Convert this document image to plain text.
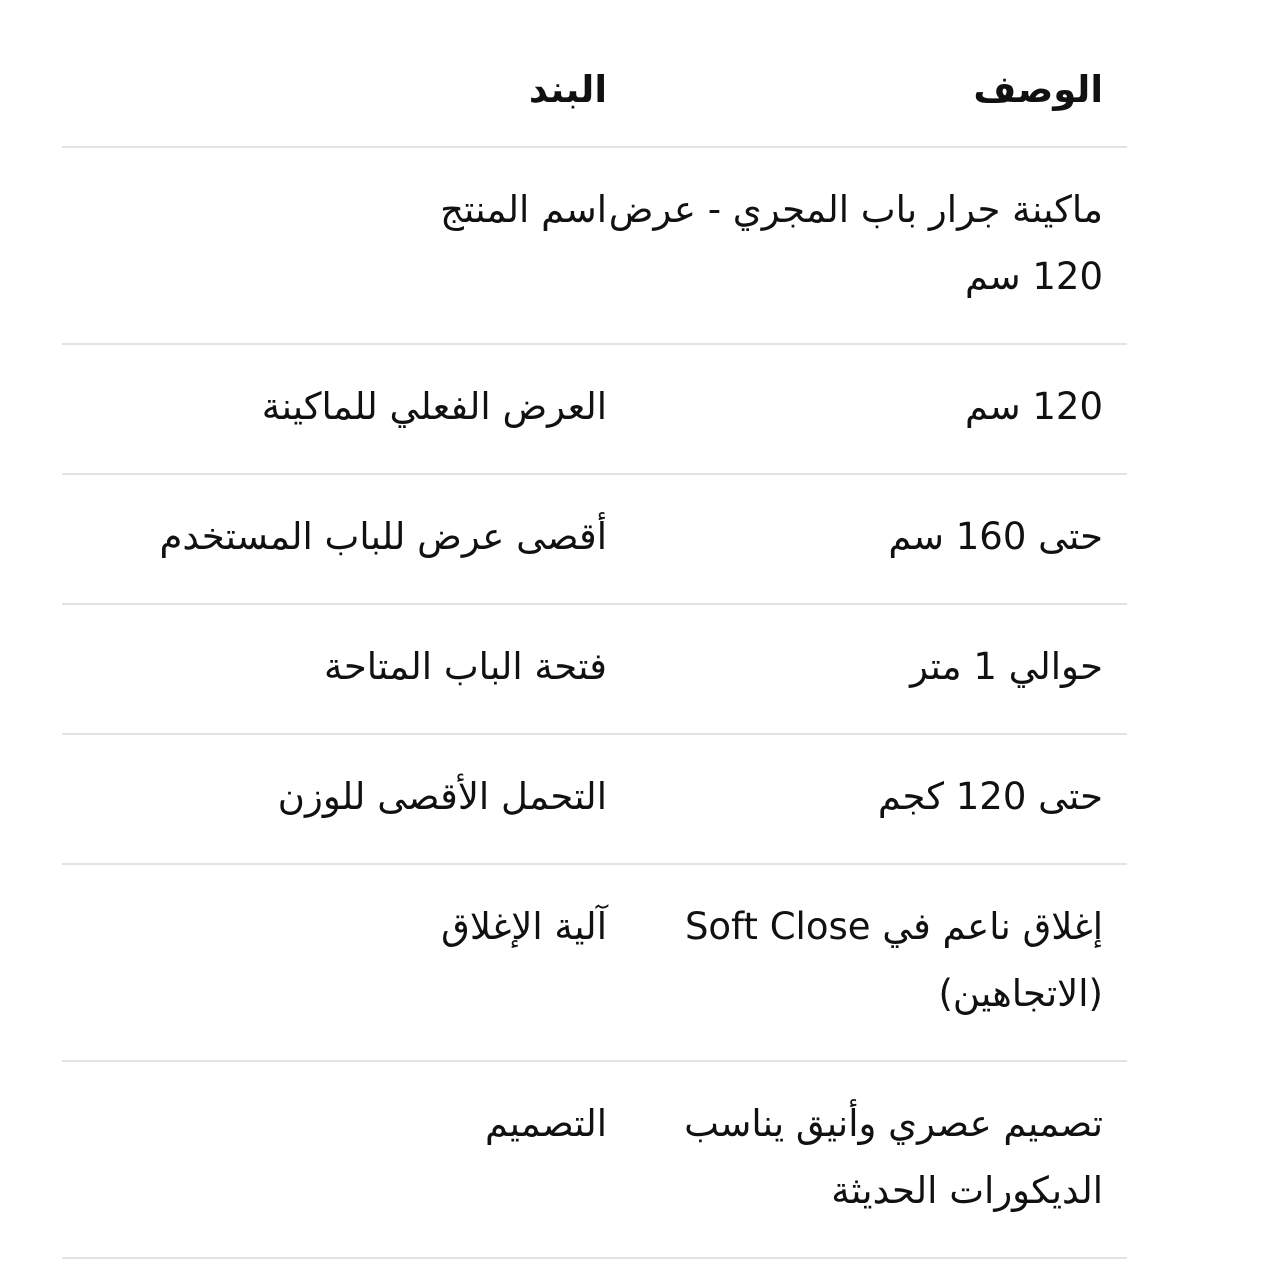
الوصف	البند
ماكينة جرار باب المجري - عرض 120 سم	اسم المنتج
120 سم	العرض الفعلي للماكينة
حتى 160 سم	أقصى عرض للباب المستخدم
حوالي 1 متر	فتحة الباب المتاحة
حتى 120 كجم	التحمل الأقصى للوزن
إغلاق ناعم في Soft Close (الاتجاهين)	آلية الإغلاق
تصميم عصري وأنيق يناسب الديكورات الحديثة	التصميم
